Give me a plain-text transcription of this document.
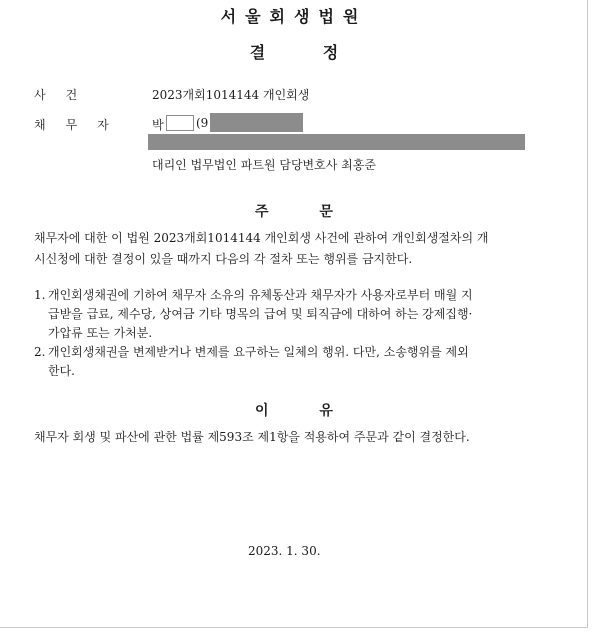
서울회생법원
결 정
사건	2023개회1014144 개인회생
채무자 박	(9
대리인 법무법인 파트원 담당변호사 최홍준
주 문
채무자에 대한 이 법원 2023개회1014144 개인회생 사건에 관하여 개인회생절차의 개
시신청에 대한 결정이 있을 때까지 다음의 각 절차 또는 행위를 금지한다.
1. 개인회생채권에 기하여 채무자 소유의 유체동산과 채무자가 사용자로부터 매월 지
급받을 급료, 제수당, 상여금 기타 명목의 급여 및 퇴직금에 대하여 하는 강제집행·
가압류 또는 가처분.
2. 개인회생채권을 변제받거나 변제를 요구하는 일체의 행위. 다만, 소송행위를 제외
한다.
이 유
채무자 회생 및 파산에 관한 법률 제593조 제1항을 적용하여 주문과 같이 결정한다.
2023. 1. 30.
